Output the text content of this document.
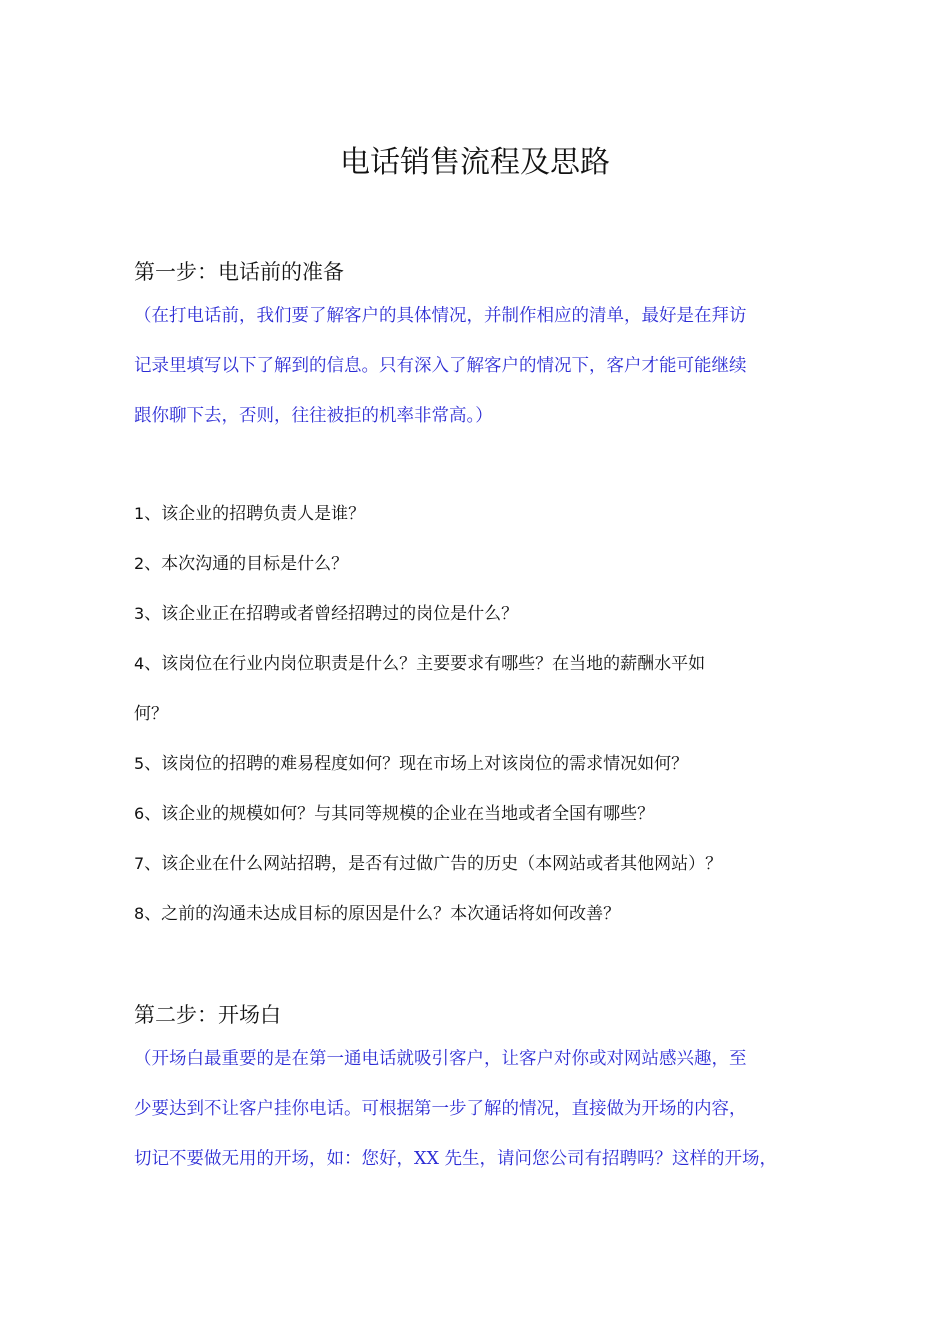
电话销售流程及思路
第一步：电话前的准备
（在打电话前，我们要了解客户的具体情况，并制作相应的清单，最好是在拜访
记录里填写以下了解到的信息。只有深入了解客户的情况下，客户才能可能继续
跟你聊下去，否则，往往被拒的机率非常高。）
1、该企业的招聘负责人是谁？
2、本次沟通的目标是什么？
3、该企业正在招聘或者曾经招聘过的岗位是什么？
4、该岗位在行业内岗位职责是什么？主要要求有哪些？在当地的薪酬水平如
何？
5、该岗位的招聘的难易程度如何？现在市场上对该岗位的需求情况如何？
6、该企业的规模如何？与其同等规模的企业在当地或者全国有哪些？
7、该企业在什么网站招聘，是否有过做广告的历史（本网站或者其他网站）？
8、之前的沟通未达成目标的原因是什么？本次通话将如何改善？
第二步：开场白
（开场白最重要的是在第一通电话就吸引客户，让客户对你或对网站感兴趣，至
少要达到不让客户挂你电话。可根据第一步了解的情况，直接做为开场的内容，
切记不要做无用的开场，如：您好，XX 先生，请问您公司有招聘吗？这样的开场，
